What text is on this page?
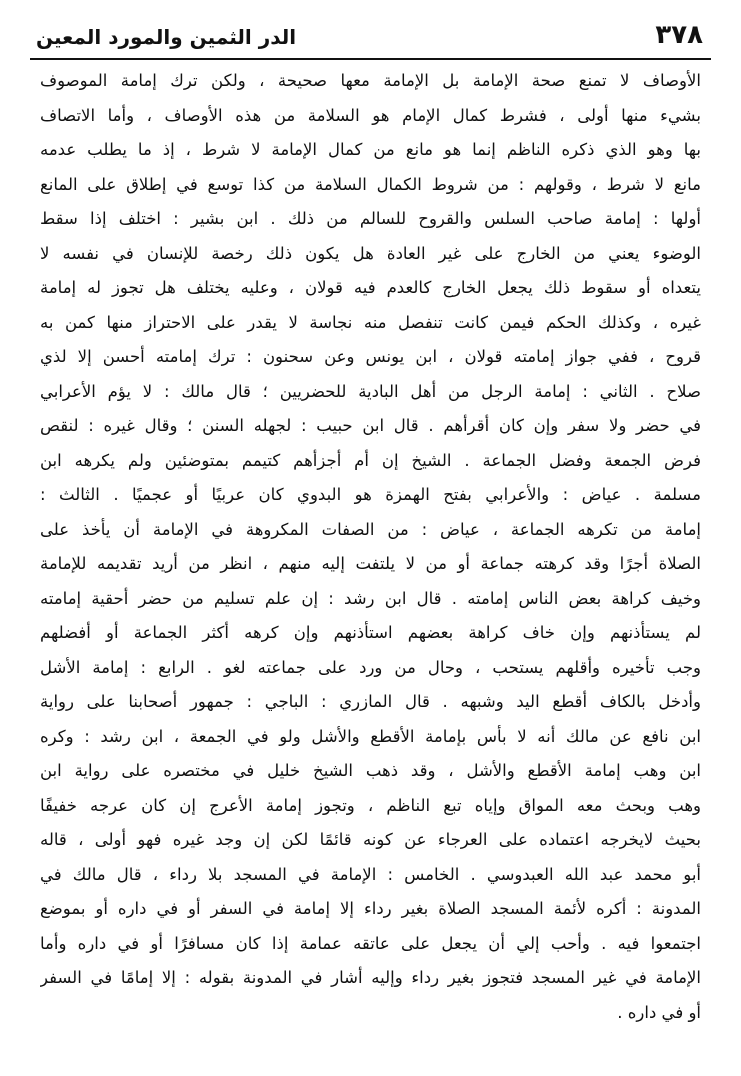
٣٧٨
الدر الثمين والمورد المعين
الأوصاف لا تمنع صحة الإمامة بل الإمامة معها صحيحة ، ولكن ترك إمامة الموصوف
بشيء منها أولى ، فشرط كمال الإمام هو السلامة من هذه الأوصاف ، وأما الاتصاف
بها وهو الذي ذكره الناظم إنما هو مانع من كمال الإمامة لا شرط ، إذ ما يطلب عدمه
مانع لا شرط ، وقولهم : من شروط الكمال السلامة من كذا توسع في إطلاق على المانع
أولها : إمامة صاحب السلس والقروح للسالم من ذلك . ابن بشير : اختلف إذا سقط
الوضوء يعني من الخارج على غير العادة هل يكون ذلك رخصة للإنسان في نفسه لا
يتعداه أو سقوط ذلك يجعل الخارج كالعدم فيه قولان ، وعليه يختلف هل تجوز له إمامة
غيره ، وكذلك الحكم فيمن كانت تنفصل منه نجاسة لا يقدر على الاحتراز منها كمن به
قروح ، ففي جواز إمامته قولان ، ابن يونس وعن سحنون : ترك إمامته أحسن إلا لذي
صلاح . الثاني : إمامة الرجل من أهل البادية للحضريين ؛ قال مالك : لا يؤم الأعرابي
في حضر ولا سفر وإن كان أقرأهم . قال ابن حبيب : لجهله السنن ؛ وقال غيره : لنقص
فرض الجمعة وفضل الجماعة . الشيخ إن أم أجزأهم كتيمم بمتوضئين ولم يكرهه ابن
مسلمة . عياض : والأعرابي بفتح الهمزة هو البدوي كان عربيًا أو عجميًا . الثالث :
إمامة من تكرهه الجماعة ، عياض : من الصفات المكروهة في الإمامة أن يأخذ على
الصلاة أجرًا وقد كرهته جماعة أو من لا يلتفت إليه منهم ، انظر من أريد تقديمه للإمامة
وخيف كراهة بعض الناس إمامته . قال ابن رشد : إن علم تسليم من حضر أحقية إمامته
لم يستأذنهم وإن خاف كراهة بعضهم استأذنهم وإن كرهه أكثر الجماعة أو أفضلهم
وجب تأخيره وأقلهم يستحب ، وحال من ورد على جماعته لغو . الرابع : إمامة الأشل
وأدخل بالكاف أقطع اليد وشبهه . قال المازري : الباجي : جمهور أصحابنا على رواية
ابن نافع عن مالك أنه لا بأس بإمامة الأقطع والأشل ولو في الجمعة ، ابن رشد : وكره
ابن وهب إمامة الأقطع والأشل ، وقد ذهب الشيخ خليل في مختصره على رواية ابن
وهب وبحث معه المواق وإياه تبع الناظم ، وتجوز إمامة الأعرج إن كان عرجه خفيفًا
بحيث لايخرجه اعتماده على العرجاء عن كونه قائمًا لكن إن وجد غيره فهو أولى ، قاله
أبو محمد عبد الله العبدوسي . الخامس : الإمامة في المسجد بلا رداء ، قال مالك في
المدونة : أكره لأئمة المسجد الصلاة بغير رداء إلا إمامة في السفر أو في داره أو بموضع
اجتمعوا فيه . وأحب إلي أن يجعل على عاتقه عمامة إذا كان مسافرًا أو في داره وأما
الإمامة في غير المسجد فتجوز بغير رداء وإليه أشار في المدونة بقوله : إلا إمامًا في السفر
أو في داره .
